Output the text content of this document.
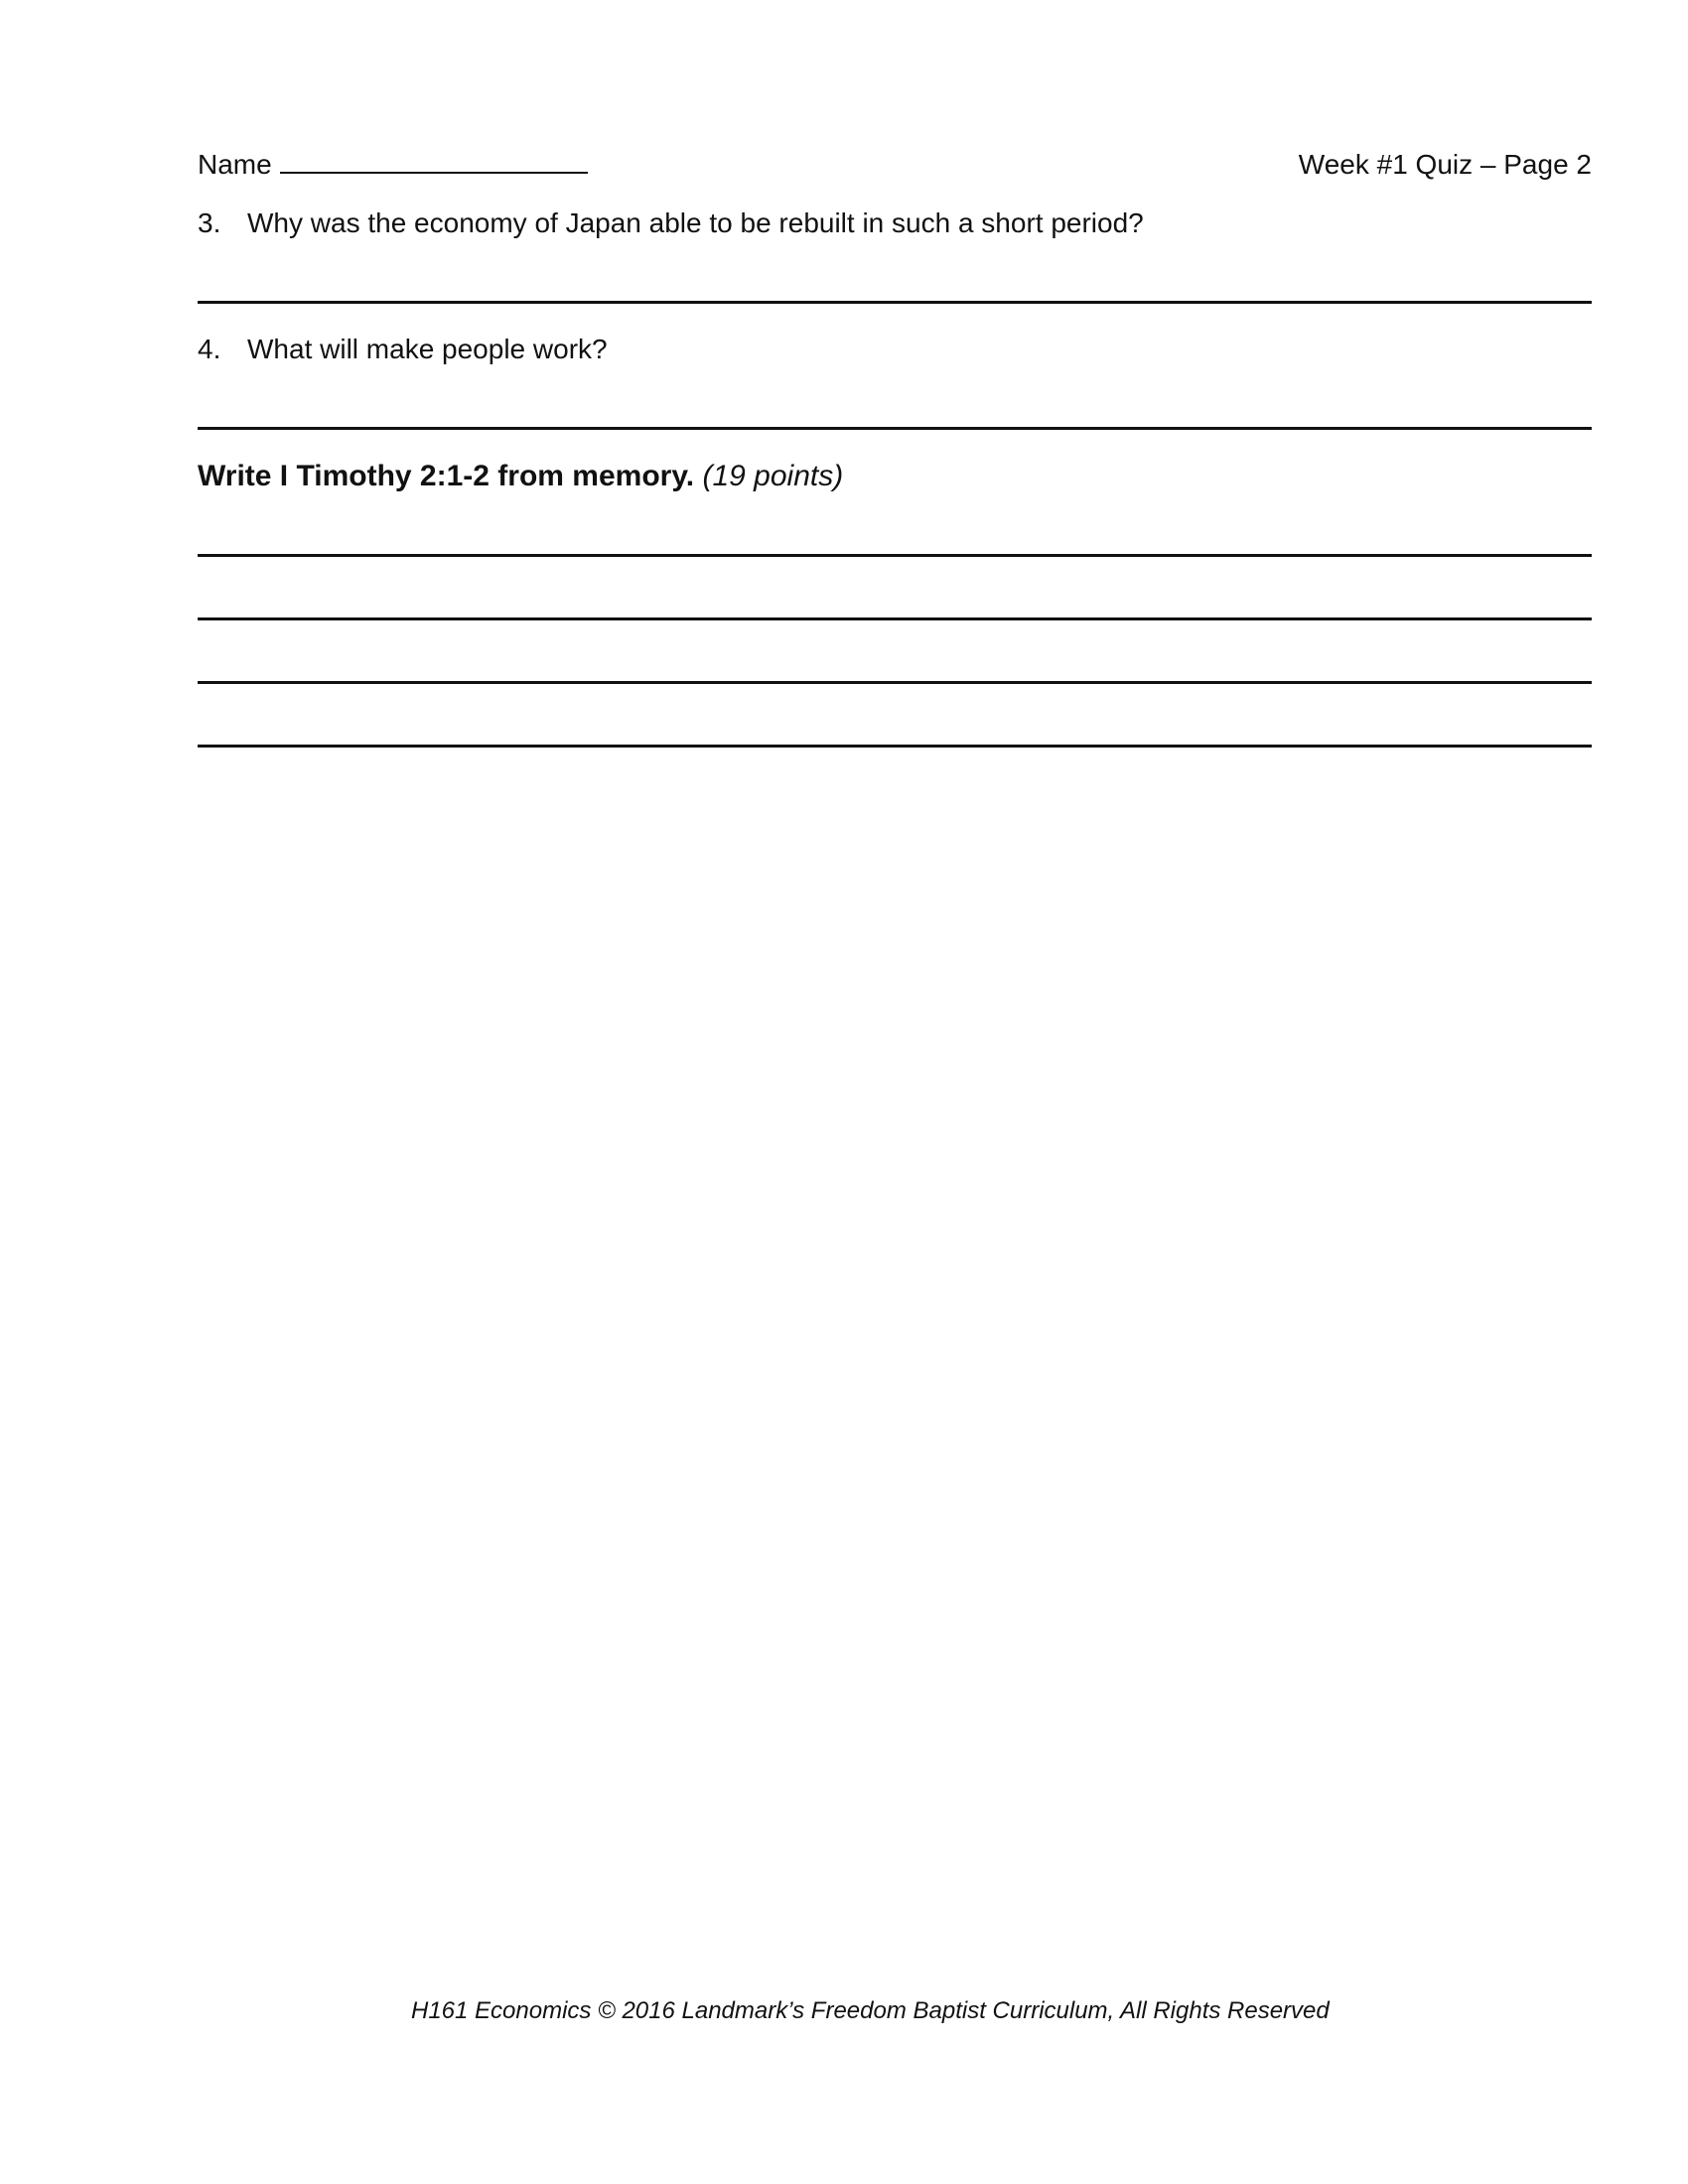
Name	Week #1 Quiz – Page 2
3. Why was the economy of Japan able to be rebuilt in such a short period?
4. What will make people work?
Write I Timothy 2:1-2 from memory. (19 points)
H161 Economics © 2016 Landmark’s Freedom Baptist Curriculum, All Rights Reserved
